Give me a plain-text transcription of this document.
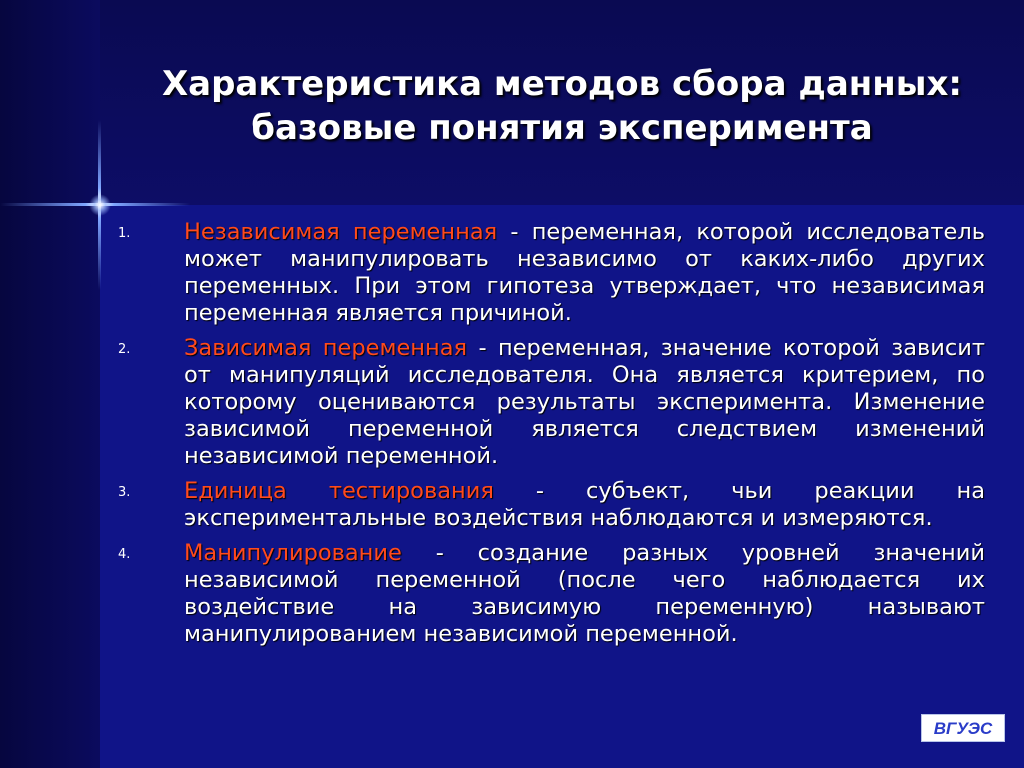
Характеристика методов сбора данных:
базовые понятия эксперимента
1. Независимая переменная - переменная, которой исследователь может манипулировать независимо от каких-либо других переменных. При этом гипотеза утверждает, что независимая переменная является причиной.

2. Зависимая переменная - переменная, значение которой зависит от манипуляций исследователя. Она является критерием, по которому оцениваются результаты эксперимента. Изменение зависимой переменной является следствием изменений независимой переменной.

3. Единица тестирования - субъект, чьи реакции на экспериментальные воздействия наблюдаются и измеряются.

4. Манипулирование - создание разных уровней значений независимой переменной (после чего наблюдается их воздействие на зависимую переменную) называют манипулированием независимой переменной.

ВГУЭС
